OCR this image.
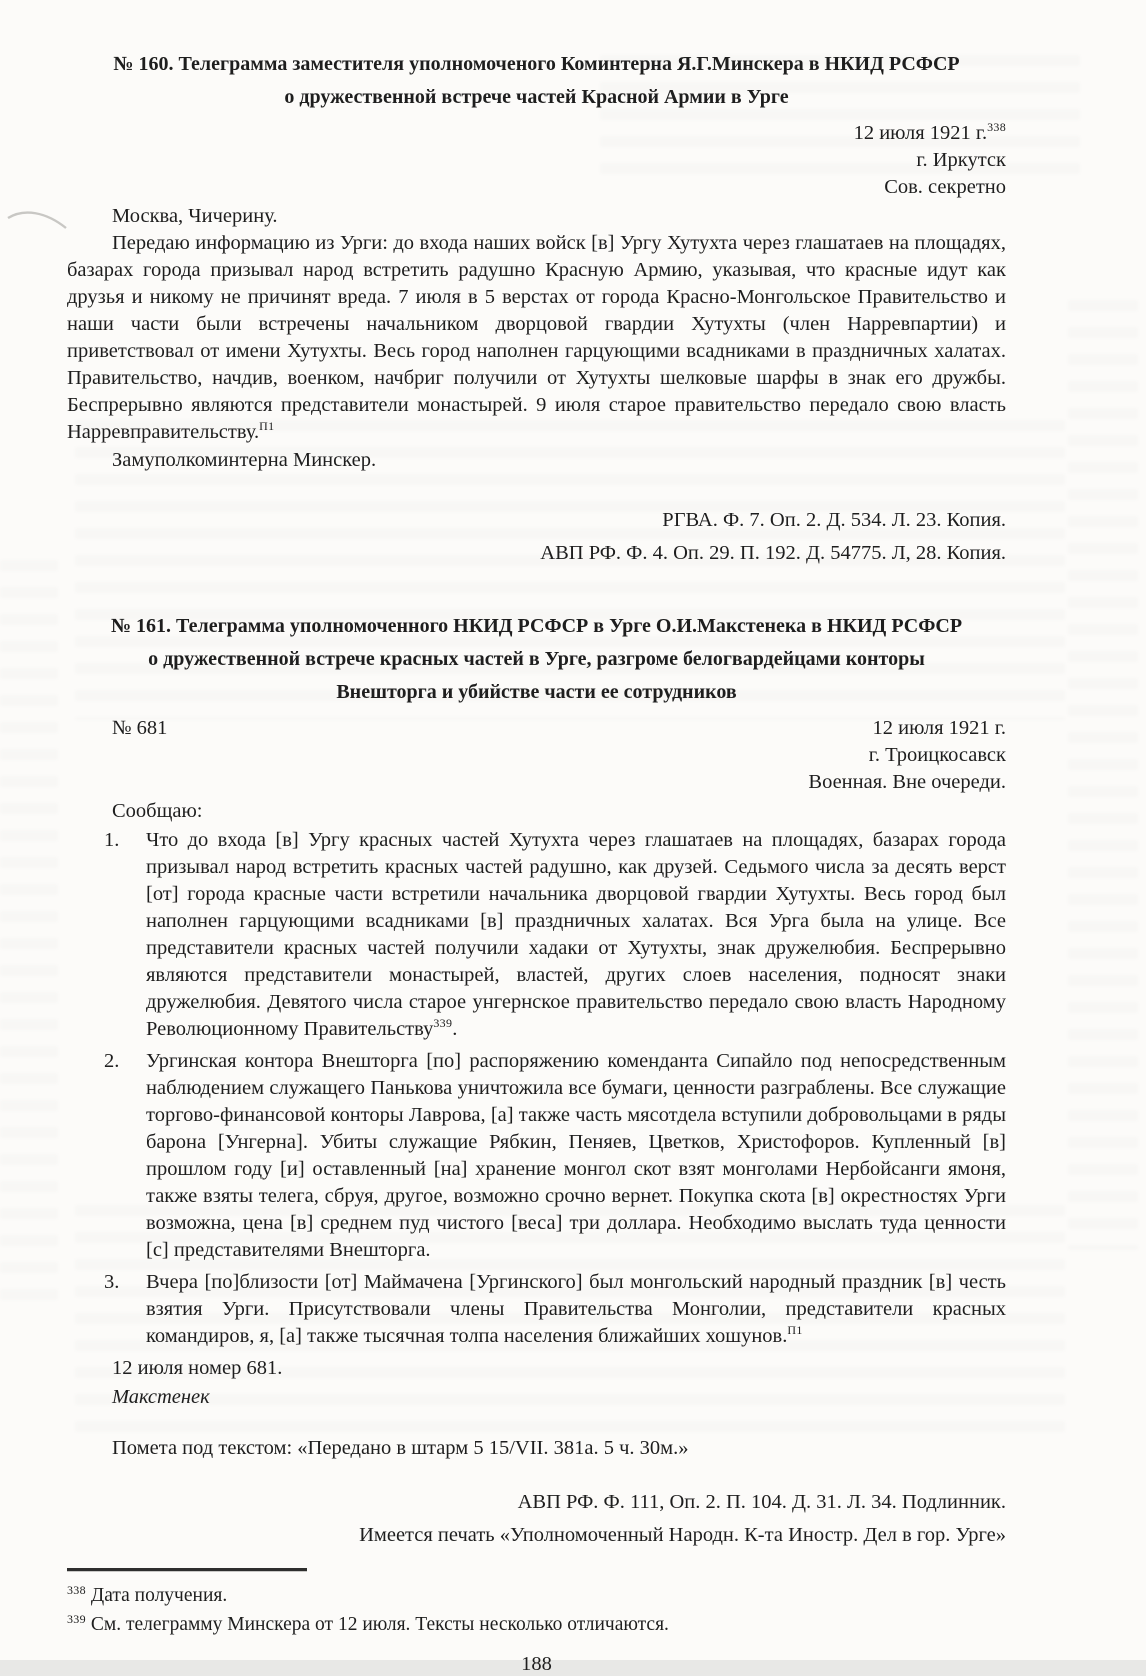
№ 160. Телеграмма заместителя уполномоченого Коминтерна Я.Г.Минскера в НКИД РСФСР
о дружественной встрече частей Красной Армии в Урге
12 июля 1921 г.$^{338}$
г. Иркутск
Сов. секретно

Москва, Чичерину.

Передаю информацию из Урги: до входа наших войск [в] Ургу Хутухта через глашатаев на площадях, базарах города призывал народ встретить радушно Красную Армию, указывая, что красные идут как друзья и никому не причинят вреда. 7 июля в 5 верстах от города Красно-Монгольское Правительство и наши части были встречены начальником дворцовой гвардии Хутухты (член Нарревпартии) и приветствовал от имени Хутухты. Весь город наполнен гарцующими всадниками в праздничных халатах. Правительство, начдив, военком, начбриг получили от Хутухты шелковые шарфы в знак его дружбы. Беспрерывно являются представители монастырей. 9 июля старое правительство передало свою власть Нарревправительству.$^{П1}$

Замуполкоминтерна Минскер.

РГВА. Ф. 7. Оп. 2. Д. 534. Л. 23. Копия.
АВП РФ. Ф. 4. Оп. 29. П. 192. Д. 54775. Л, 28. Копия.
№ 161. Телеграмма уполномоченного НКИД РСФСР в Урге О.И.Макстенека в НКИД РСФСР
о дружественной встрече красных частей в Урге, разгроме белогвардейцами конторы
Внешторга и убийстве части ее сотрудников
№ 681	12 июля 1921 г.
г. Троицкосавск
Военная. Вне очереди.

Сообщаю:

1.	Что до входа [в] Ургу красных частей Хутухта через глашатаев на площадях, базарах города призывал народ встретить красных частей радушно, как друзей. Седьмого числа за десять верст [от] города красные части встретили начальника дворцовой гвардии Хутухты. Весь город был наполнен гарцующими всадниками [в] праздничных халатах. Вся Урга была на улице. Все представители красных частей получили хадаки от Хутухты, знак дружелюбия. Беспрерывно являются представители монастырей, властей, других слоев населения, подносят знаки дружелюбия. Девятого числа старое унгернское правительство передало свою власть Народному Революционному Правительству$^{339}$.
2.	Ургинская контора Внешторга [по] распоряжению коменданта Сипайло под непосредственным наблюдением служащего Панькова уничтожила все бумаги, ценности разграблены. Все служащие торгово-финансовой конторы Лаврова, [а] также часть мясотдела вступили добровольцами в ряды барона [Унгерна]. Убиты служащие Рябкин, Пеняев, Цветков, Христофоров. Купленный [в] прошлом году [и] оставленный [на] хранение монгол скот взят монголами Нербойсанги ямоня, также взяты телега, сбруя, другое, возможно срочно вернет. Покупка скота [в] окрестностях Урги возможна, цена [в] среднем пуд чистого [веса] три доллара. Необходимо выслать туда ценности [с] представителями Внешторга.
3.	Вчера [по]близости [от] Маймачена [Ургинского] был монгольский народный праздник [в] честь взятия Урги. Присутствовали члены Правительства Монголии, представители красных командиров, я, [а] также тысячная толпа населения ближайших хошунов.$^{П1}$

12 июля номер 681.

Макстенек

Помета под текстом: «Передано в штарм 5 15/VII. 381а. 5 ч. 30м.»

АВП РФ. Ф. 111, Оп. 2. П. 104. Д. 31. Л. 34. Подлинник.
Имеется печать «Уполномоченный Народн. К-та Иностр. Дел в гор. Урге»

$^{338}$ Дата получения.

$^{339}$ См. телеграмму Минскера от 12 июля. Тексты несколько отличаются.

188
